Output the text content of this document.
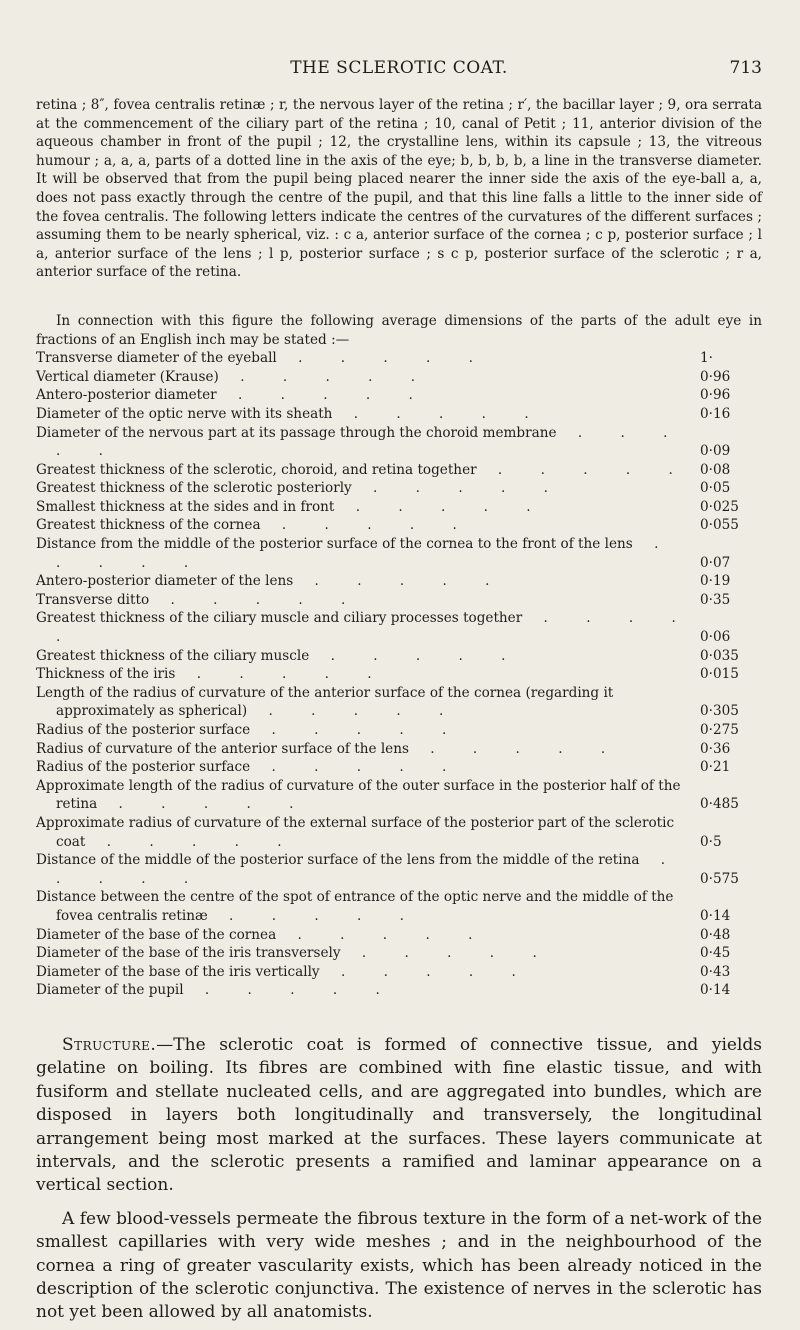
THE SCLEROTIC COAT.	713

retina ; 8″, fovea centralis retinæ ; r, the nervous layer of the retina ; r′, the bacillar layer ; 9, ora serrata at the commencement of the ciliary part of the retina ; 10, canal of Petit ; 11, anterior division of the aqueous chamber in front of the pupil ; 12, the crystalline lens, within its capsule ; 13, the vitreous humour ; a, a, a, parts of a dotted line in the axis of the eye; b, b, b, b, a line in the transverse diameter. It will be observed that from the pupil being placed nearer the inner side the axis of the eye-ball a, a, does not pass exactly through the centre of the pupil, and that this line falls a little to the inner side of the fovea centralis. The following letters indicate the centres of the curvatures of the different surfaces ; assuming them to be nearly spherical, viz. : c a, anterior surface of the cornea ; c p, posterior surface ; l a, anterior surface of the lens ; l p, posterior surface ; s c p, posterior surface of the sclerotic ; r a, anterior surface of the retina.

In connection with this figure the following average dimensions of the parts of the adult eye in fractions of an English inch may be stated :—

Transverse diameter of the eyeball . . . . .	1·

Vertical diameter (Krause) . . . . .	0·96

Antero-posterior diameter . . . . .	0·96

Diameter of the optic nerve with its sheath . . . . .	0·16

Diameter of the nervous part at its passage through the choroid membrane . . . . .	0·09

Greatest thickness of the sclerotic, choroid, and retina together . . . . .	0·08

Greatest thickness of the sclerotic posteriorly . . . . .	0·05

Smallest thickness at the sides and in front . . . . .	0·025

Greatest thickness of the cornea . . . . .	0·055

Distance from the middle of the posterior surface of the cornea to the front of the lens . . . . .	0·07

Antero-posterior diameter of the lens . . . . .	0·19

Transverse ditto . . . . .	0·35

Greatest thickness of the ciliary muscle and ciliary processes together . . . . .	0·06

Greatest thickness of the ciliary muscle . . . . .	0·035

Thickness of the iris . . . . .	0·015

Length of the radius of curvature of the anterior surface of the cornea (regarding it approximately as spherical) . . . . .	0·305

Radius of the posterior surface . . . . .	0·275

Radius of curvature of the anterior surface of the lens . . . . .	0·36

Radius of the posterior surface . . . . .	0·21

Approximate length of the radius of curvature of the outer surface in the posterior half of the retina . . . . .	0·485

Approximate radius of curvature of the external surface of the posterior part of the sclerotic coat . . . . .	0·5

Distance of the middle of the posterior surface of the lens from the middle of the retina . . . . .	0·575

Distance between the centre of the spot of entrance of the optic nerve and the middle of the fovea centralis retinæ . . . . .	0·14

Diameter of the base of the cornea . . . . .	0·48

Diameter of the base of the iris transversely . . . . .	0·45

Diameter of the base of the iris vertically . . . . .	0·43

Diameter of the pupil . . . . .	0·14

Structure.—The sclerotic coat is formed of connective tissue, and yields gelatine on boiling. Its fibres are combined with fine elastic tissue, and with fusiform and stellate nucleated cells, and are aggregated into bundles, which are disposed in layers both longitudinally and transversely, the longitudinal arrangement being most marked at the surfaces. These layers communicate at intervals, and the sclerotic presents a ramified and laminar appearance on a vertical section.

A few blood-vessels permeate the fibrous texture in the form of a net-work of the smallest capillaries with very wide meshes ; and in the neighbourhood of the cornea a ring of greater vascularity exists, which has been already noticed in the description of the sclerotic conjunctiva. The existence of nerves in the sclerotic has not yet been allowed by all anatomists.
